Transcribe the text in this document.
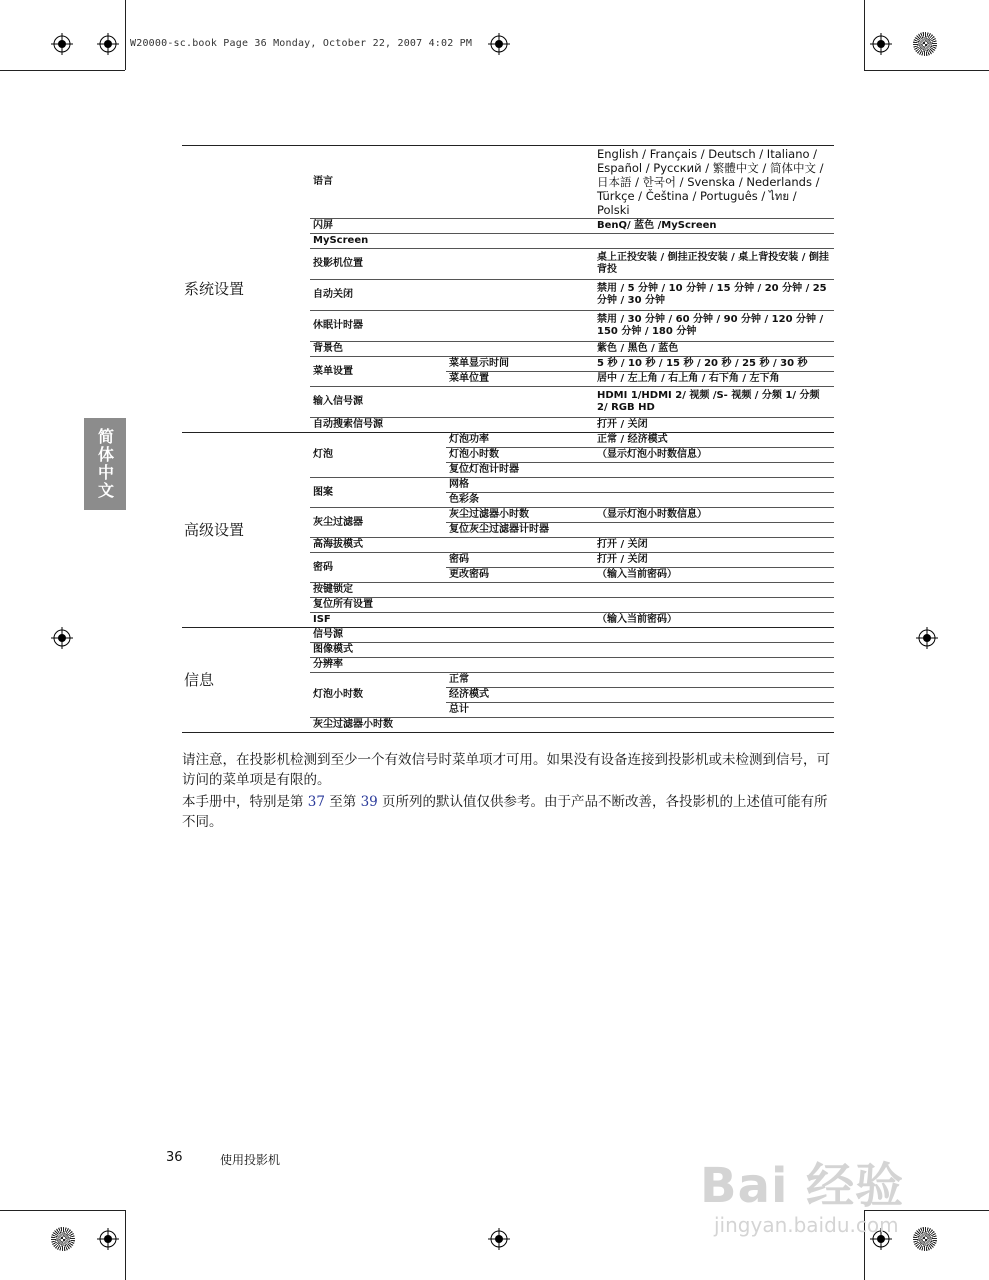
W20000-sc.book Page 36 Monday, October 22, 2007 4:02 PM
简体中文
系统设置	语言		English / Français / Deutsch / Italiano / Español / Русский / 繁體中文 / 简体中文 / 日本語 / 한국어 / Svenska / Nederlands / Türkçe / Čeština / Português / ไทย / Polski
	闪屏		BenQ/ 蓝色 /MyScreen
	MyScreen		
	投影机位置		桌上正投安装 / 倒挂正投安装 / 桌上背投安装 / 倒挂背投
	自动关闭		禁用 / 5 分钟 / 10 分钟 / 15 分钟 / 20 分钟 / 25 分钟 / 30 分钟
	休眠计时器		禁用 / 30 分钟 / 60 分钟 / 90 分钟 / 120 分钟 / 150 分钟 / 180 分钟
	背景色		紫色 / 黑色 / 蓝色
	菜单设置	菜单显示时间	5 秒 / 10 秒 / 15 秒 / 20 秒 / 25 秒 / 30 秒
		菜单位置	居中 / 左上角 / 右上角 / 右下角 / 左下角
	输入信号源		HDMI 1/HDMI 2/ 视频 /S- 视频 / 分频 1/ 分频 2/ RGB HD
	自动搜索信号源		打开 / 关闭
高级设置	灯泡	灯泡功率	正常 / 经济模式
		灯泡小时数	（显示灯泡小时数信息）
		复位灯泡计时器	
	图案	网格	
		色彩条	
	灰尘过滤器	灰尘过滤器小时数	（显示灯泡小时数信息）
		复位灰尘过滤器计时器	
	高海拔模式		打开 / 关闭
	密码	密码	打开 / 关闭
		更改密码	（输入当前密码）
	按键锁定		
	复位所有设置		
	ISF		（输入当前密码）
信息	信号源		
	图像模式		
	分辨率		
	灯泡小时数	正常	
		经济模式	
		总计	
	灰尘过滤器小时数		
请注意，在投影机检测到至少一个有效信号时菜单项才可用。如果没有设备连接到投影机或未检测到信号，可访问的菜单项是有限的。
本手册中，特别是第 37 至第 39 页所列的默认值仅供参考。由于产品不断改善，各投影机的上述值可能有所不同。
36	使用投影机	Bai 经验
jingyan.baidu.com
